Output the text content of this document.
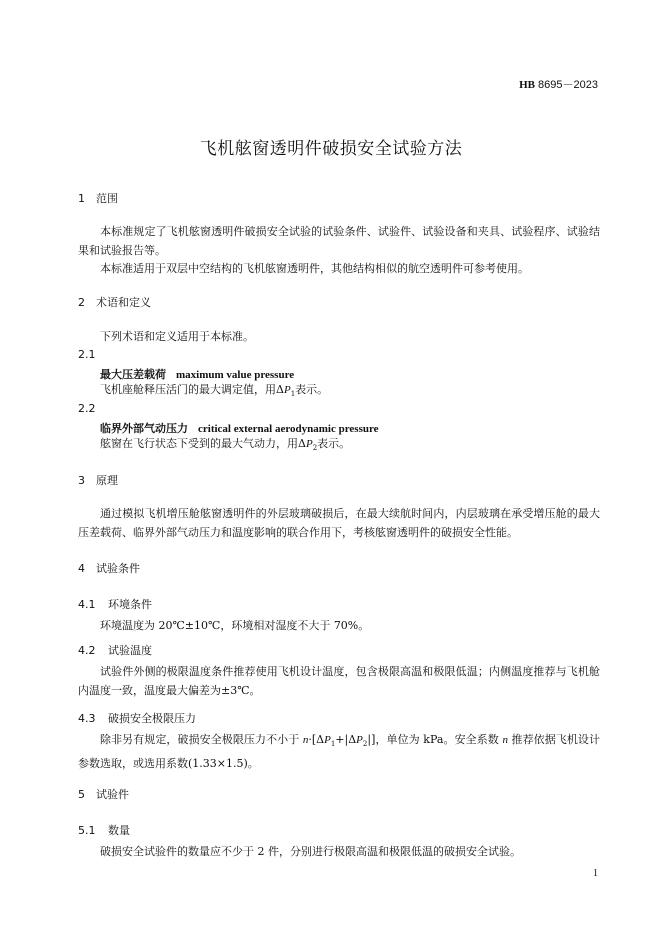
HB 8695－2023
飞机舷窗透明件破损安全试验方法
1 范围
本标准规定了飞机舷窗透明件破损安全试验的试验条件、试验件、试验设备和夹具、试验程序、试验结果和试验报告等。
本标准适用于双层中空结构的飞机舷窗透明件，其他结构相似的航空透明件可参考使用。
2 术语和定义
下列术语和定义适用于本标准。
2.1
最大压差载荷 maximum value pressure
飞机座舱释压活门的最大调定值，用$\Delta P_1$表示。
2.2
临界外部气动压力 critical external aerodynamic pressure
舷窗在飞行状态下受到的最大气动力，用$\Delta P_2$表示。
3 原理
通过模拟飞机增压舱舷窗透明件的外层玻璃破损后，在最大续航时间内，内层玻璃在承受增压舱的最大压差载荷、临界外部气动压力和温度影响的联合作用下，考核舷窗透明件的破损安全性能。
4 试验条件
4.1 环境条件
环境温度为 20℃±10℃，环境相对湿度不大于 70%。
4.2 试验温度
试验件外侧的极限温度条件推荐使用飞机设计温度，包含极限高温和极限低温；内侧温度推荐与飞机舱内温度一致，温度最大偏差为±3℃。
4.3 破损安全极限压力
除非另有规定，破损安全极限压力不小于 $n\cdot[\Delta P_1+|\Delta P_2|]$，单位为 kPa。安全系数 n 推荐依据飞机设计参数选取，或选用系数(1.33×1.5)。
5 试验件
5.1 数量
破损安全试验件的数量应不少于 2 件，分别进行极限高温和极限低温的破损安全试验。
1
